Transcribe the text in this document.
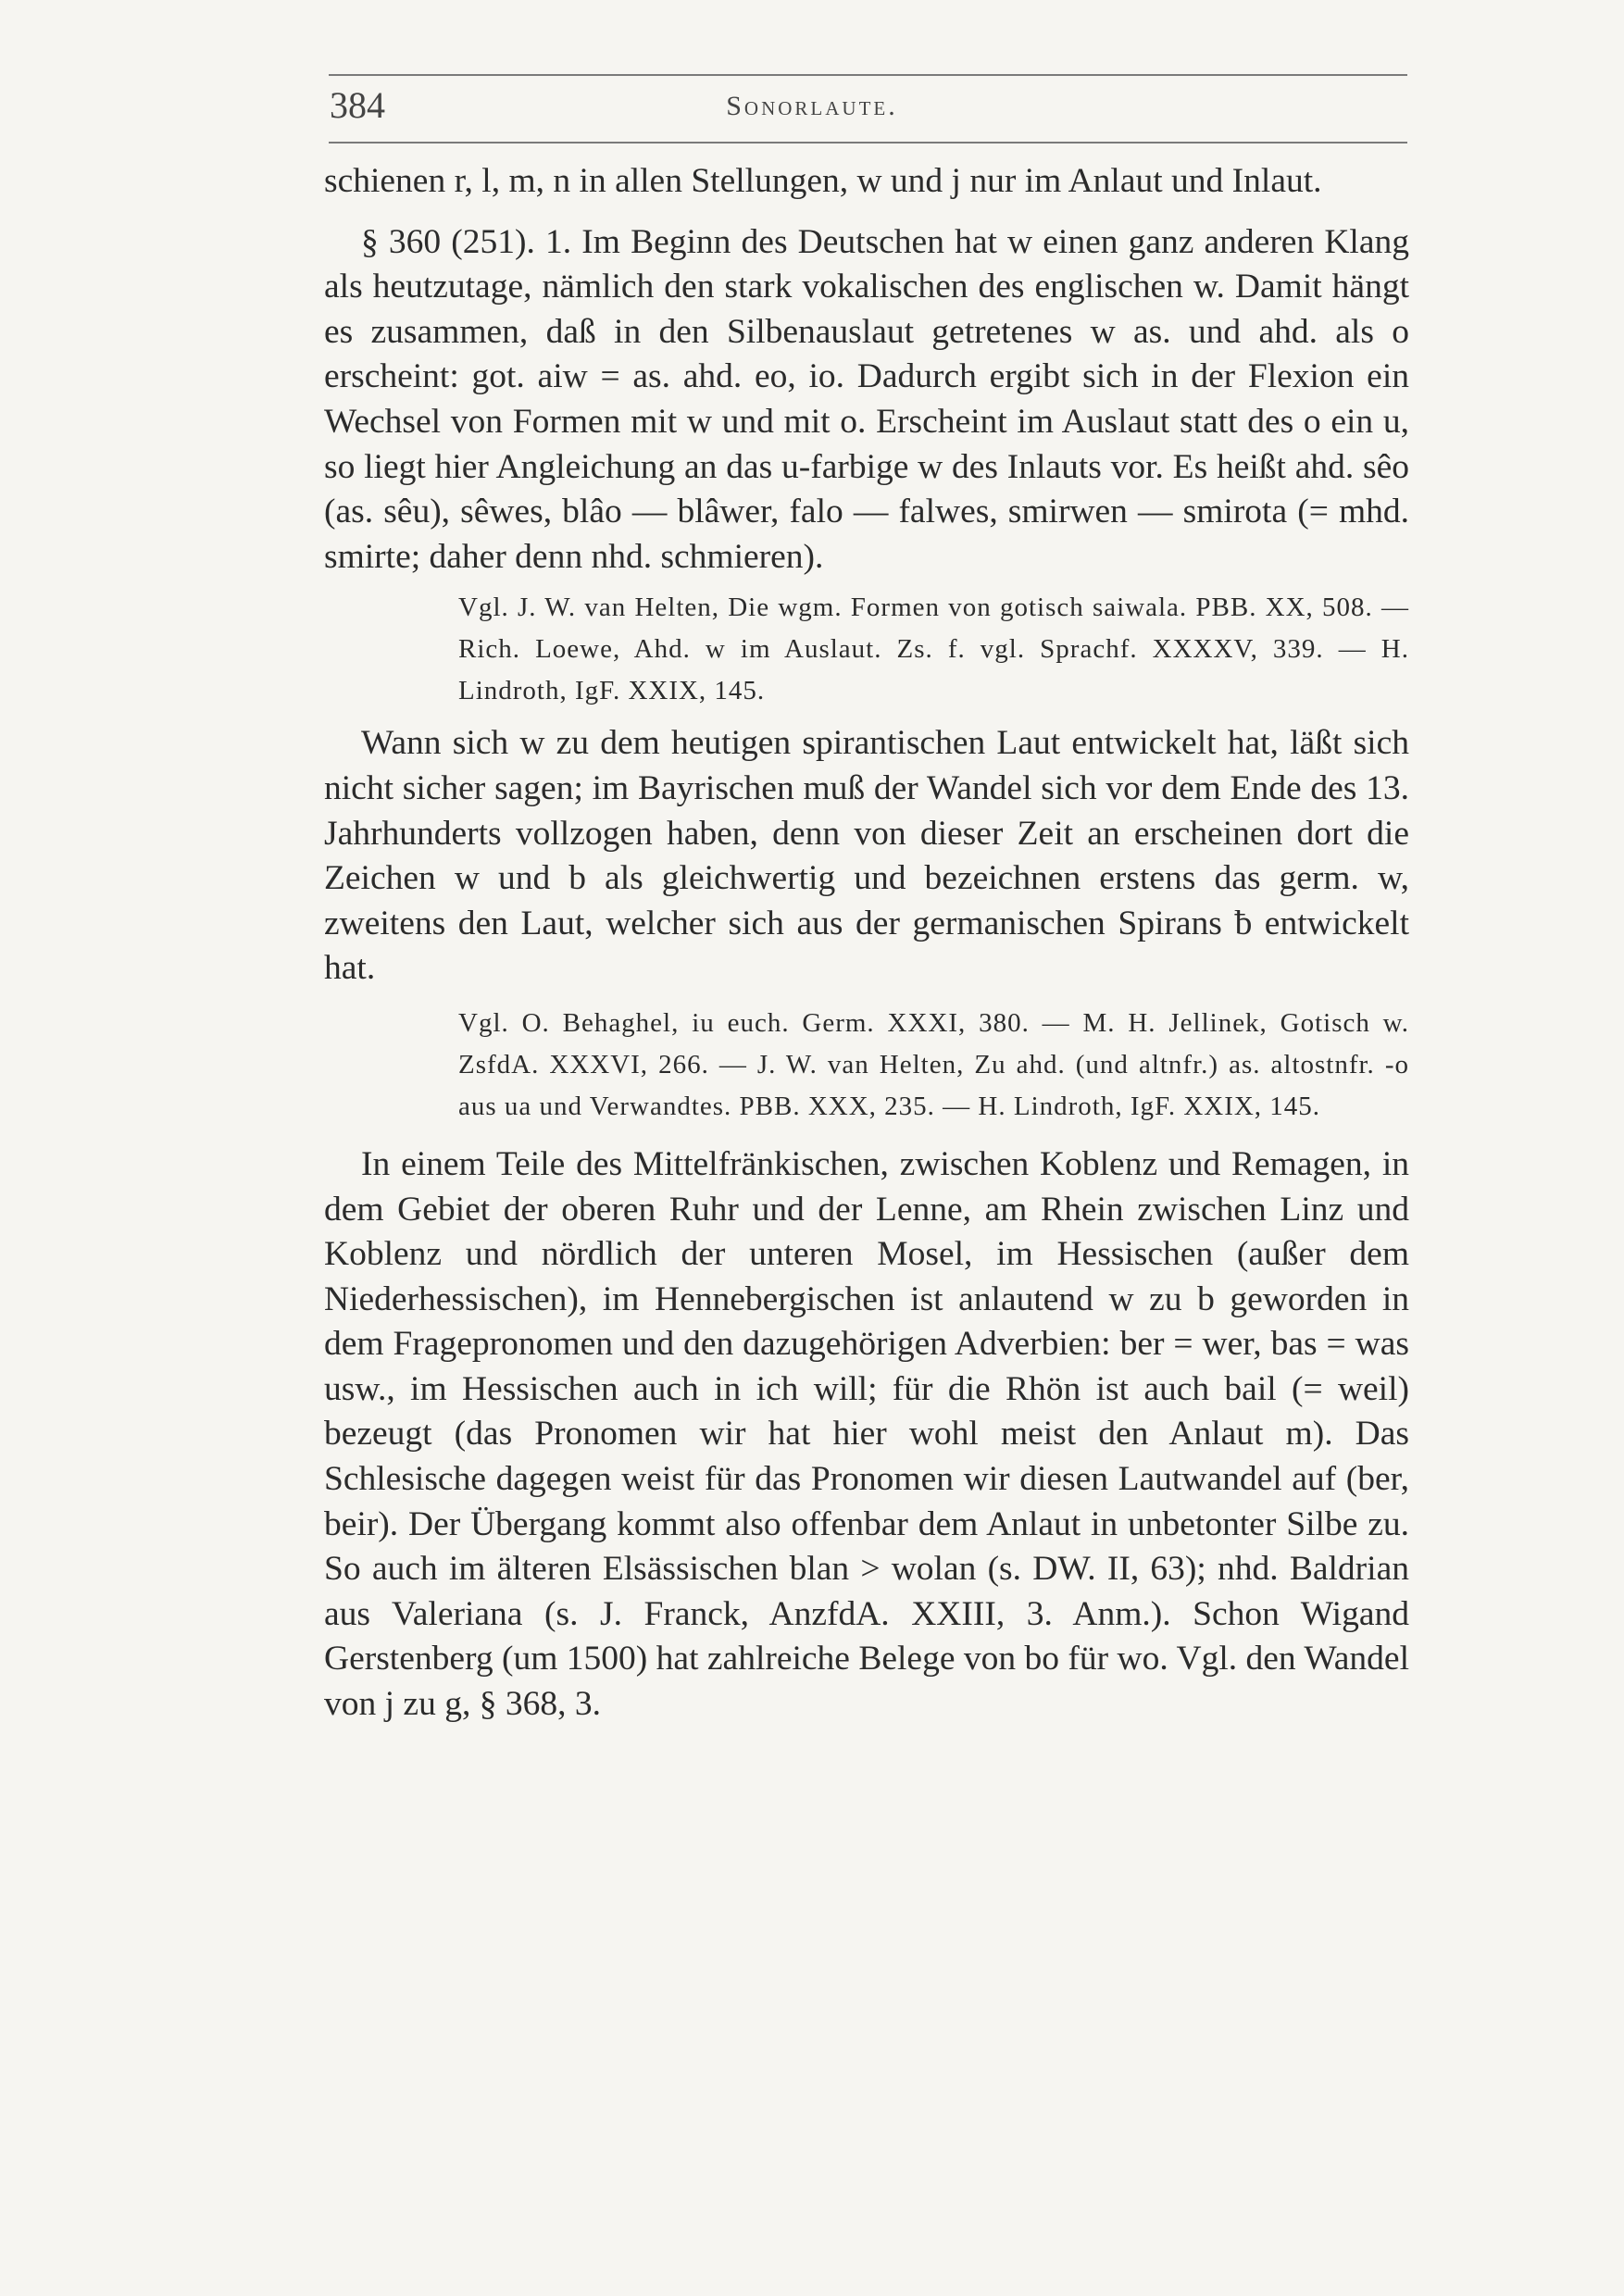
384	Sonorlaute.

schienen r, l, m, n in allen Stellungen, w und j nur im Anlaut und Inlaut.

§ 360 (251). 1. Im Beginn des Deutschen hat w einen ganz anderen Klang als heutzutage, nämlich den stark vokalischen des englischen w. Damit hängt es zusammen, daß in den Silbenauslaut getretenes w as. und ahd. als o erscheint: got. aiw = as. ahd. eo, io. Dadurch ergibt sich in der Flexion ein Wechsel von Formen mit w und mit o. Erscheint im Auslaut statt des o ein u, so liegt hier Angleichung an das u-farbige w des Inlauts vor. Es heißt ahd. sêo (as. sêu), sêwes, blâo — blâwer, falo — falwes, smirwen — smirota (= mhd. smirte; daher denn nhd. schmieren).

Vgl. J. W. van Helten, Die wgm. Formen von gotisch saiwala. PBB. XX, 508. — Rich. Loewe, Ahd. w im Auslaut. Zs. f. vgl. Sprachf. XXXXV, 339. — H. Lindroth, IgF. XXIX, 145.

Wann sich w zu dem heutigen spirantischen Laut entwickelt hat, läßt sich nicht sicher sagen; im Bayrischen muß der Wandel sich vor dem Ende des 13. Jahrhunderts vollzogen haben, denn von dieser Zeit an erscheinen dort die Zeichen w und b als gleichwertig und bezeichnen erstens das germ. w, zweitens den Laut, welcher sich aus der germanischen Spirans ƀ entwickelt hat.

Vgl. O. Behaghel, iu euch. Germ. XXXI, 380. — M. H. Jellinek, Gotisch w. ZsfdA. XXXVI, 266. — J. W. van Helten, Zu ahd. (und altnfr.) as. altostnfr. -o aus ua und Verwandtes. PBB. XXX, 235. — H. Lindroth, IgF. XXIX, 145.

In einem Teile des Mittelfränkischen, zwischen Koblenz und Remagen, in dem Gebiet der oberen Ruhr und der Lenne, am Rhein zwischen Linz und Koblenz und nördlich der unteren Mosel, im Hessischen (außer dem Niederhessischen), im Hennebergischen ist anlautend w zu b geworden in dem Fragepronomen und den dazugehörigen Adverbien: ber = wer, bas = was usw., im Hessischen auch in ich will; für die Rhön ist auch bail (= weil) bezeugt (das Pronomen wir hat hier wohl meist den Anlaut m). Das Schlesische dagegen weist für das Pronomen wir diesen Lautwandel auf (ber, beir). Der Übergang kommt also offenbar dem Anlaut in unbetonter Silbe zu. So auch im älteren Elsässischen blan > wolan (s. DW. II, 63); nhd. Baldrian aus Valeriana (s. J. Franck, AnzfdA. XXIII, 3. Anm.). Schon Wigand Gerstenberg (um 1500) hat zahlreiche Belege von bo für wo. Vgl. den Wandel von j zu g, § 368, 3.
